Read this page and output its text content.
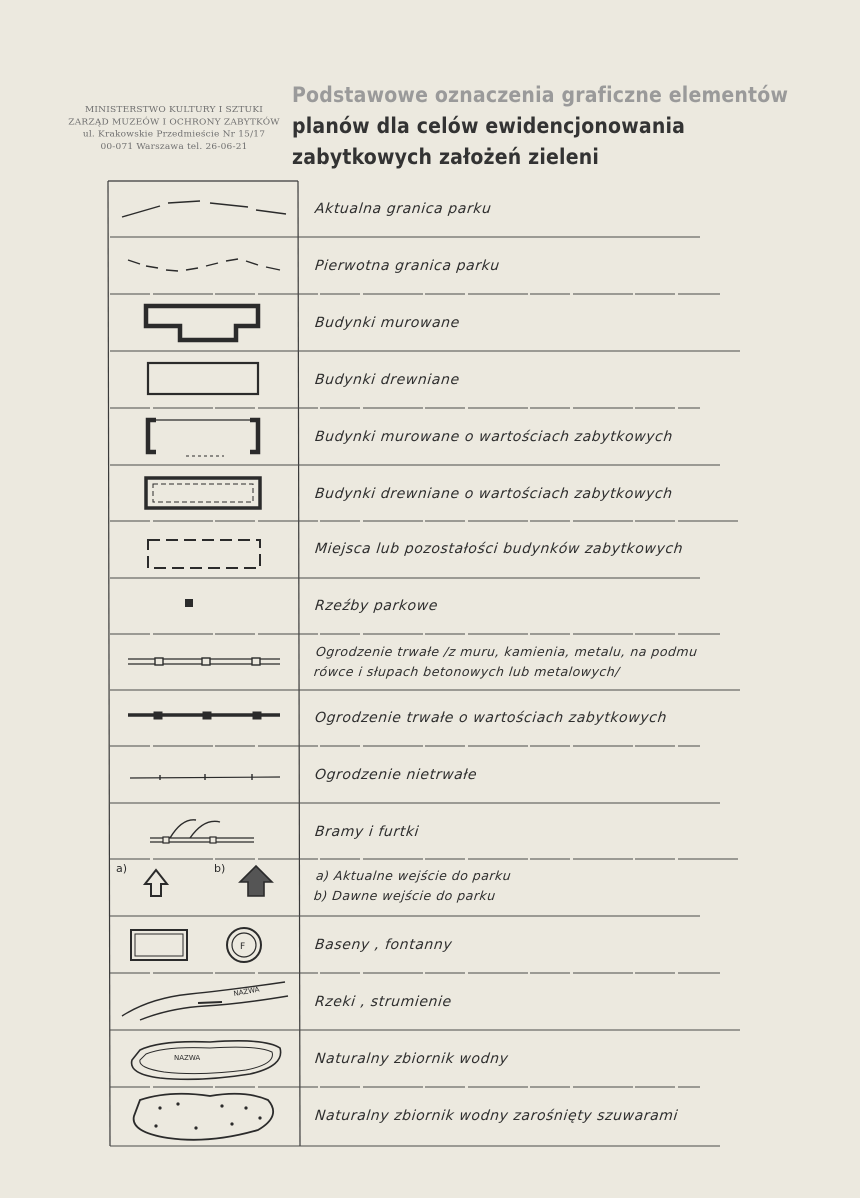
MINISTERSTWO KULTURY I SZTUKI
ZARZĄD MUZEÓW I OCHRONY ZABYTKÓW
ul. Krakowskie Przedmieście Nr 15/17
00-071 Warszawa tel. 26-06-21
Podstawowe oznaczenia graficzne elementów
planów dla celów ewidencjonowania
zabytkowych założeń zieleni
a)	b)
F
NAZWA
NAZWA
Aktualna granica parku
Pierwotna granica parku
Budynki murowane
Budynki drewniane
Budynki murowane o wartościach zabytkowych
Budynki drewniane o wartościach zabytkowych
Miejsca lub pozostałości budynków zabytkowych
Rzeźby parkowe
Ogrodzenie trwałe /z muru, kamienia, metalu, na podmu
rówce i słupach betonowych lub metalowych/
Ogrodzenie trwałe o wartościach zabytkowych
Ogrodzenie nietrwałe
Bramy i furtki
a) Aktualne wejście do parku
b) Dawne wejście do parku
Baseny , fontanny
Rzeki , strumienie
Naturalny zbiornik wodny
Naturalny zbiornik wodny zarośnięty szuwarami
